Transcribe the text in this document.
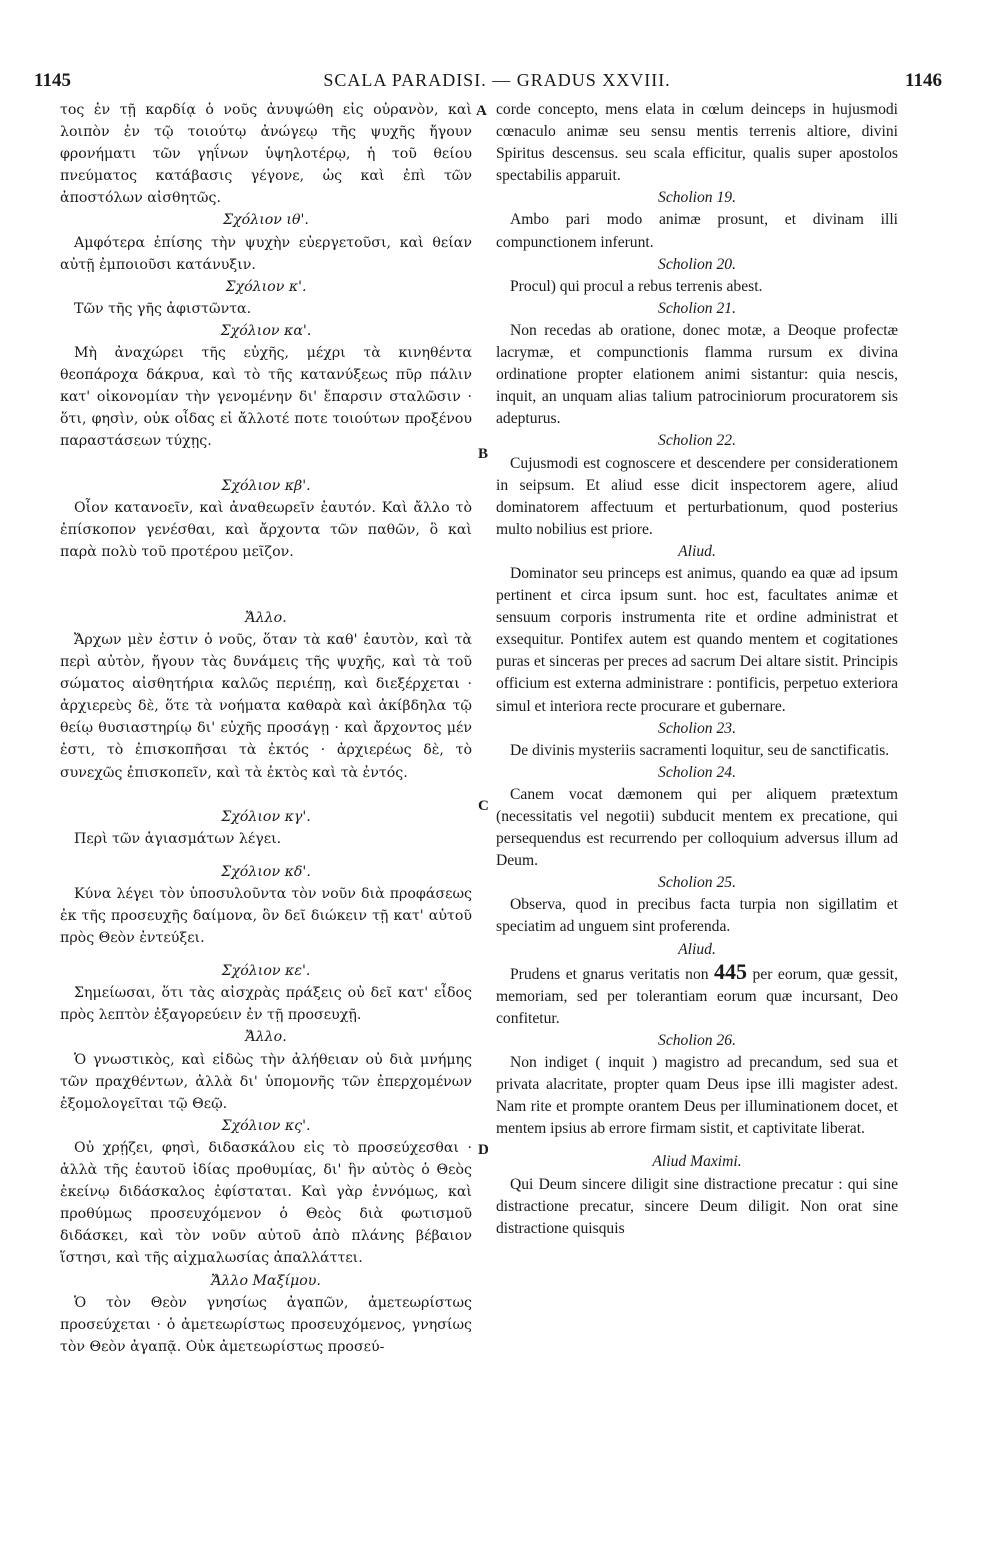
1145	SCALA PARADISI. — GRADUS XXVIII.	1146
A
B
C
D

τος ἐν τῇ καρδίᾳ ὁ νοῦς ἀνυψώθη εἰς οὐρανὸν, καὶ λοιπὸν ἐν τῷ τοιούτῳ ἀνώγεῳ τῆς ψυχῆς ἤγουν φρονήματι τῶν γηΐνων ὑψηλοτέρῳ, ἡ τοῦ θείου πνεύματος κατάβασις γέγονε, ὡς καὶ ἐπὶ τῶν ἀποστόλων αἰσθητῶς.

Σχόλιον ιθ'.

Αμφότερα ἐπίσης τὴν ψυχὴν εὐεργετοῦσι, καὶ θείαν αὐτῇ ἐμποιοῦσι κατάνυξιν.

Σχόλιον κ'.

Τῶν τῆς γῆς ἀφιστῶντα.

Σχόλιον κα'.

Μὴ ἀναχώρει τῆς εὐχῆς, μέχρι τὰ κινηθέντα θεοπάροχα δάκρυα, καὶ τὸ τῆς κατανύξεως πῦρ πάλιν κατ' οἰκονομίαν τὴν γενομένην δι' ἔπαρσιν σταλῶσιν · ὅτι, φησὶν, οὐκ οἶδας εἰ ἄλλοτέ ποτε τοιούτων προξένου παραστάσεων τύχῃς.

Σχόλιον κβ'.

Οἷον κατανοεῖν, καὶ ἀναθεωρεῖν ἑαυτόν. Καὶ ἄλλο τὸ ἐπίσκοπον γενέσθαι, καὶ ἄρχοντα τῶν παθῶν, ὃ καὶ παρὰ πολὺ τοῦ προτέρου μεῖζον.

Ἄλλο.

Ἄρχων μὲν ἐστιν ὁ νοῦς, ὅταν τὰ καθ' ἑαυτὸν, καὶ τὰ περὶ αὐτὸν, ἤγουν τὰς δυνάμεις τῆς ψυχῆς, καὶ τὰ τοῦ σώματος αἰσθητήρια καλῶς περιέπῃ, καὶ διεξέρχεται · ἀρχιερεὺς δὲ, ὅτε τὰ νοήματα καθαρὰ καὶ ἀκίβδηλα τῷ θείῳ θυσιαστηρίῳ δι' εὐχῆς προσάγῃ · καὶ ἄρχοντος μέν ἐστι, τὸ ἐπισκοπῆσαι τὰ ἐκτός · ἀρχιερέως δὲ, τὸ συνεχῶς ἐπισκοπεῖν, καὶ τὰ ἐκτὸς καὶ τὰ ἐντός.

Σχόλιον κγ'.

Περὶ τῶν ἁγιασμάτων λέγει.

Σχόλιον κδ'.

Κύνα λέγει τὸν ὑποσυλοῦντα τὸν νοῦν διὰ προφάσεως ἐκ τῆς προσευχῆς δαίμονα, ὃν δεῖ διώκειν τῇ κατ' αὐτοῦ πρὸς Θεὸν ἐντεύξει.

Σχόλιον κε'.

Σημείωσαι, ὅτι τὰς αἰσχρὰς πράξεις οὐ δεῖ κατ' εἶδος πρὸς λεπτὸν ἐξαγορεύειν ἐν τῇ προσευχῇ.

Ἄλλο.

Ὁ γνωστικὸς, καὶ εἰδὼς τὴν ἀλήθειαν οὐ διὰ μνήμης τῶν πραχθέντων, ἀλλὰ δι' ὑπομονῆς τῶν ἐπερχομένων ἐξομολογεῖται τῷ Θεῷ.

Σχόλιον κς'.

Οὐ χρῄζει, φησὶ, διδασκάλου εἰς τὸ προσεύχεσθαι · ἀλλὰ τῆς ἑαυτοῦ ἰδίας προθυμίας, δι' ἣν αὐτὸς ὁ Θεὸς ἐκείνῳ διδάσκαλος ἐφίσταται. Καὶ γὰρ ἐννόμως, καὶ προθύμως προσευχόμενον ὁ Θεὸς διὰ φωτισμοῦ διδάσκει, καὶ τὸν νοῦν αὐτοῦ ἀπὸ πλάνης βέβαιον ἵστησι, καὶ τῆς αἰχμαλωσίας ἀπαλλάττει.

Ἄλλο Μαξίμου.

Ὁ τὸν Θεὸν γνησίως ἀγαπῶν, ἀμετεωρίστως προσεύχεται · ὁ ἀμετεωρίστως προσευχόμενος, γνησίως τὸν Θεὸν ἀγαπᾷ. Οὐκ ἀμετεωρίστως προσεύ-

corde concepto, mens elata in cœlum deinceps in hujusmodi cœnaculo animæ seu sensu mentis terrenis altiore, divini Spiritus descensus. seu scala efficitur, qualis super apostolos spectabilis apparuit.

Scholion 19.

Ambo pari modo animæ prosunt, et divinam illi compunctionem inferunt.

Scholion 20.

Procul) qui procul a rebus terrenis abest.

Scholion 21.

Non recedas ab oratione, donec motæ, a Deoque profectæ lacrymæ, et compunctionis flamma rursum ex divina ordinatione propter elationem animi sistantur: quia nescis, inquit, an unquam alias talium patrociniorum procuratorem sis adepturus.

Scholion 22.

Cujusmodi est cognoscere et descendere per considerationem in seipsum. Et aliud esse dicit inspectorem agere, aliud dominatorem affectuum et perturbationum, quod posterius multo nobilius est priore.

Aliud.

Dominator seu princeps est animus, quando ea quæ ad ipsum pertinent et circa ipsum sunt. hoc est, facultates animæ et sensuum corporis instrumenta rite et ordine administrat et exsequitur. Pontifex autem est quando mentem et cogitationes puras et sinceras per preces ad sacrum Dei altare sistit. Principis officium est externa administrare : pontificis, perpetuo exteriora simul et interiora recte procurare et gubernare.

Scholion 23.

De divinis mysteriis sacramenti loquitur, seu de sanctificatis.

Scholion 24.

Canem vocat dæmonem qui per aliquem prætextum (necessitatis vel negotii) subducit mentem ex precatione, qui persequendus est recurrendo per colloquium adversus illum ad Deum.

Scholion 25.

Observa, quod in precibus facta turpia non sigillatim et speciatim ad unguem sint proferenda.

Aliud.

Prudens et gnarus veritatis non 445 per eorum, quæ gessit, memoriam, sed per tolerantiam eorum quæ incursant, Deo confitetur.

Scholion 26.

Non indiget ( inquit ) magistro ad precandum, sed sua et privata alacritate, propter quam Deus ipse illi magister adest. Nam rite et prompte orantem Deus per illuminationem docet, et mentem ipsius ab errore firmam sistit, et captivitate liberat.

Aliud Maximi.

Qui Deum sincere diligit sine distractione precatur : qui sine distractione precatur, sincere Deum diligit. Non orat sine distractione quisquis
